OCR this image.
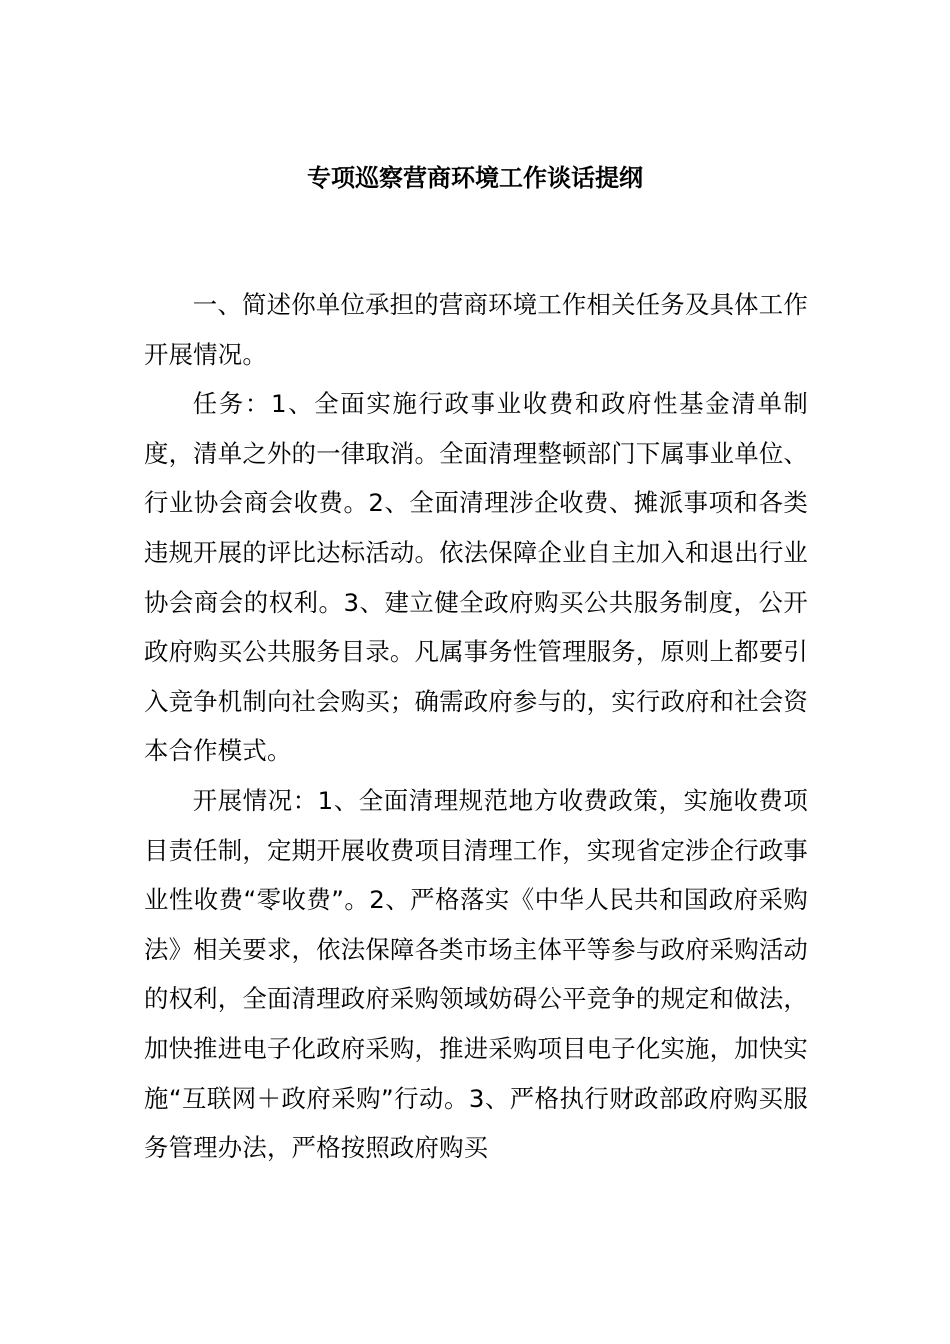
专项巡察营商环境工作谈话提纲

一、简述你单位承担的营商环境工作相关任务及具体工作开展情况。

任务：1、全面实施行政事业收费和政府性基金清单制度，清单之外的一律取消。全面清理整顿部门下属事业单位、行业协会商会收费。2、全面清理涉企收费、摊派事项和各类违规开展的评比达标活动。依法保障企业自主加入和退出行业协会商会的权利。3、建立健全政府购买公共服务制度，公开政府购买公共服务目录。凡属事务性管理服务，原则上都要引入竞争机制向社会购买；确需政府参与的，实行政府和社会资本合作模式。

开展情况：1、全面清理规范地方收费政策，实施收费项目责任制，定期开展收费项目清理工作，实现省定涉企行政事业性收费“零收费”。2、严格落实《中华人民共和国政府采购法》相关要求，依法保障各类市场主体平等参与政府采购活动的权利，全面清理政府采购领域妨碍公平竞争的规定和做法，加快推进电子化政府采购，推进采购项目电子化实施，加快实施“互联网＋政府采购”行动。3、严格执行财政部政府购买服务管理办法，严格按照政府购买
